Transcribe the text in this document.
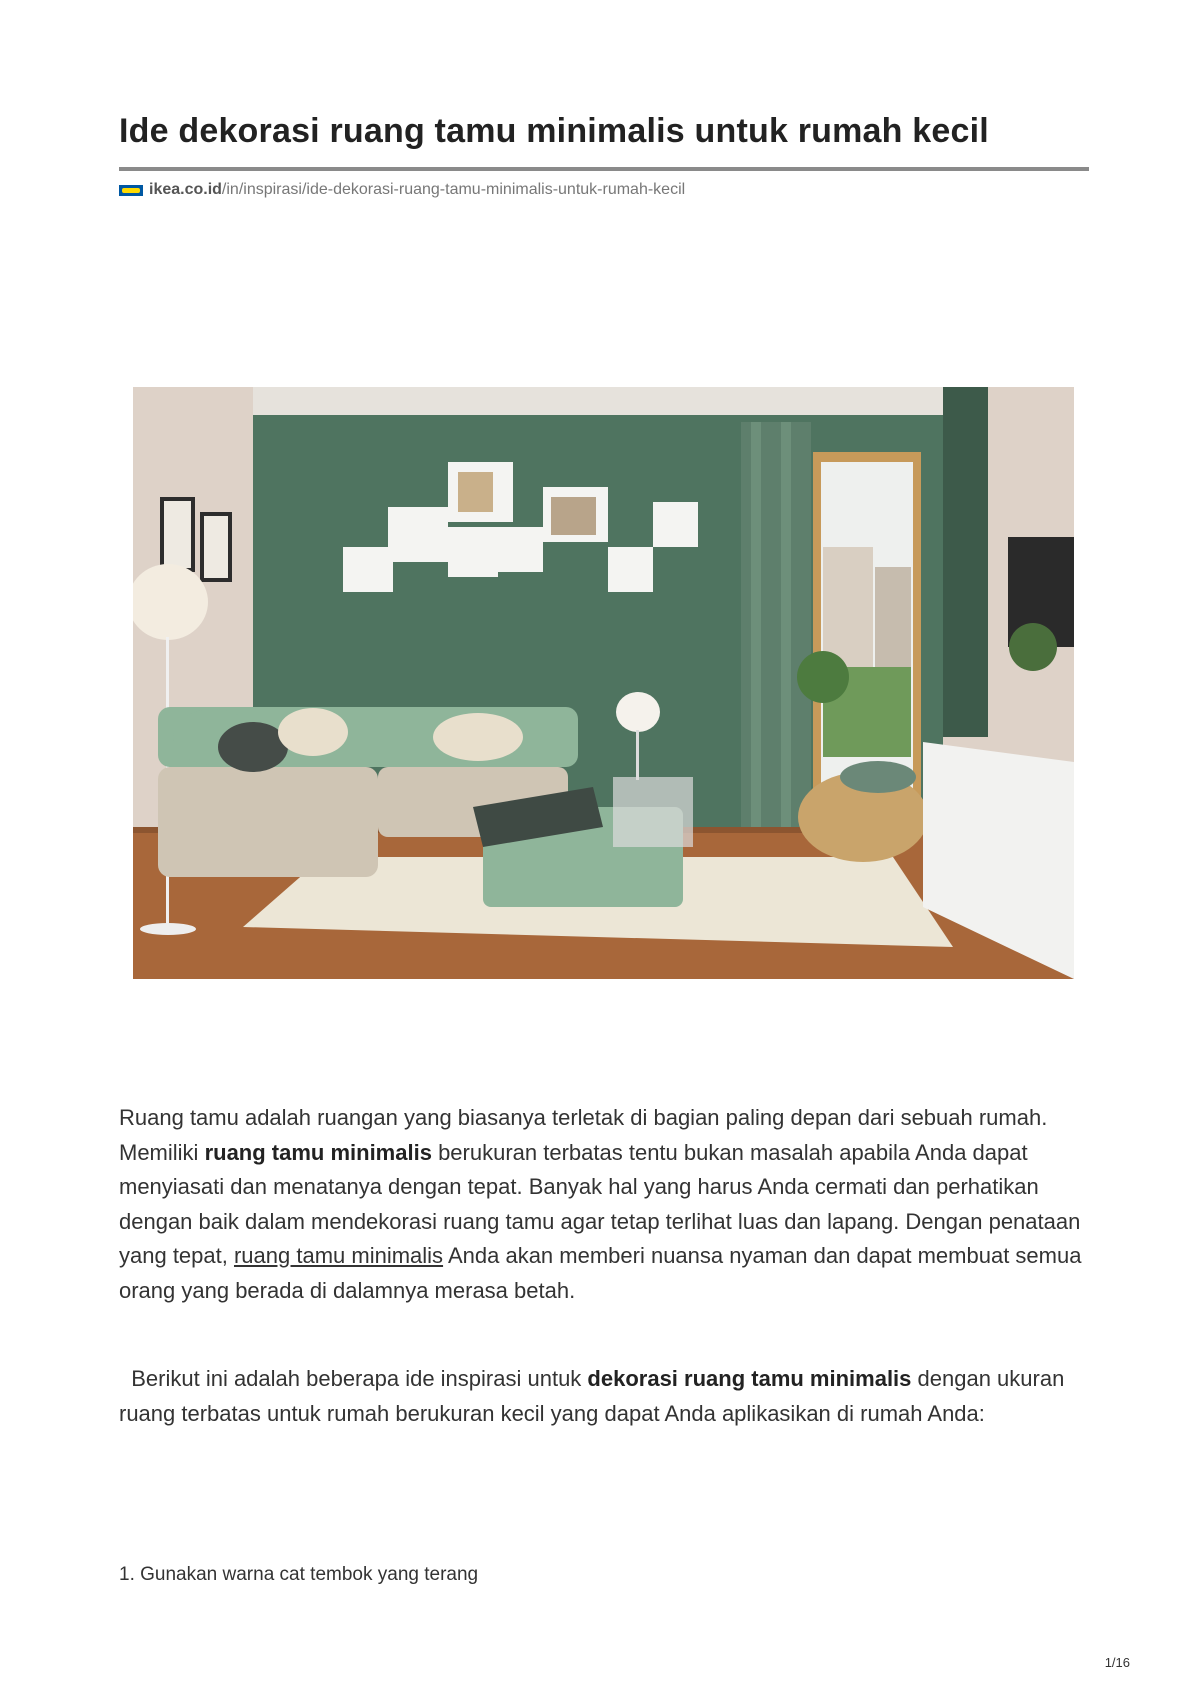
Ide dekorasi ruang tamu minimalis untuk rumah kecil
ikea.co.id /in/inspirasi/ide-dekorasi-ruang-tamu-minimalis-untuk-rumah-kecil

Ruang tamu adalah ruangan yang biasanya terletak di bagian paling depan dari sebuah rumah. Memiliki ruang tamu minimalis berukuran terbatas tentu bukan masalah apabila Anda dapat menyiasati dan menatanya dengan tepat. Banyak hal yang harus Anda cermati dan perhatikan dengan baik dalam mendekorasi ruang tamu agar tetap terlihat luas dan lapang. Dengan penataan yang tepat, ruang tamu minimalis Anda akan memberi nuansa nyaman dan dapat membuat semua orang yang berada di dalamnya merasa betah.

Berikut ini adalah beberapa ide inspirasi untuk dekorasi ruang tamu minimalis dengan ukuran ruang terbatas untuk rumah berukuran kecil yang dapat Anda aplikasikan di rumah Anda:

1. Gunakan warna cat tembok yang terang
1/16
